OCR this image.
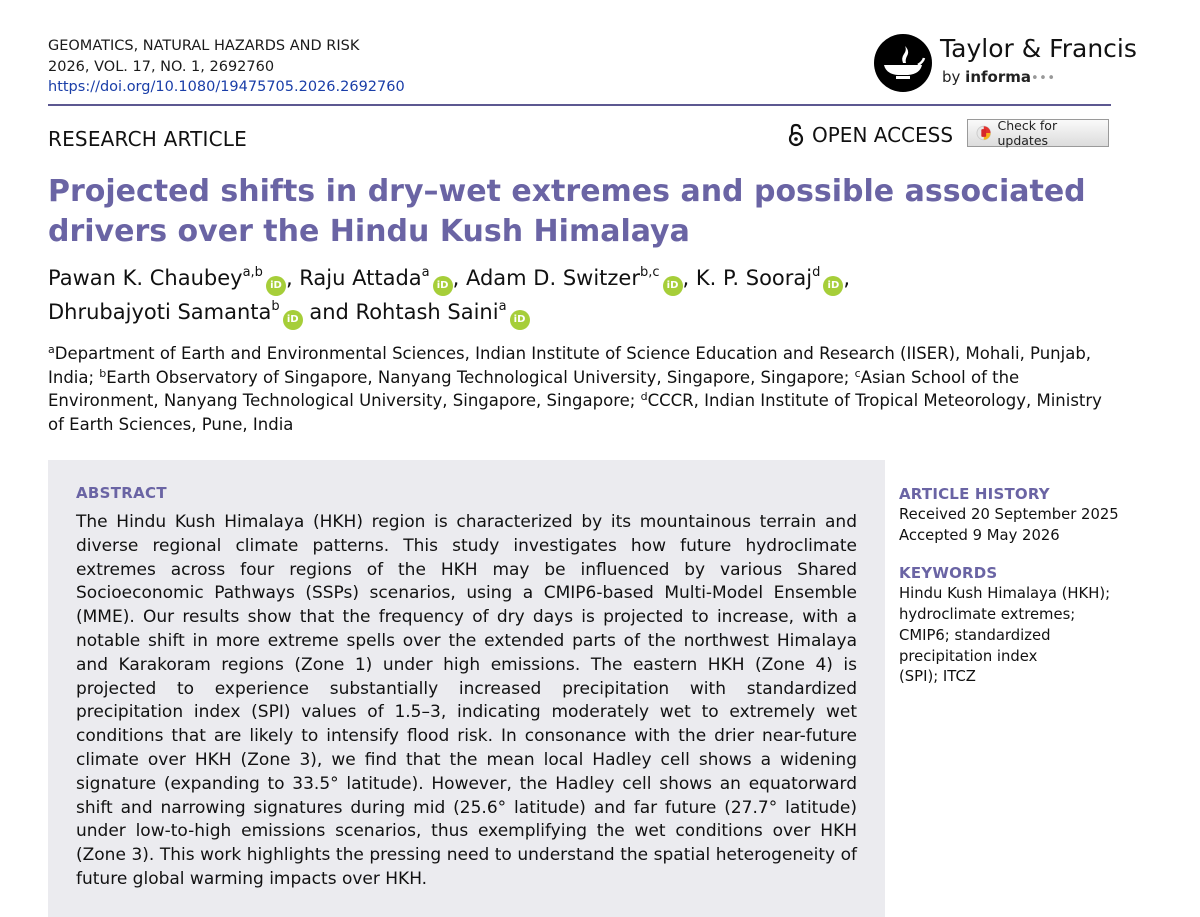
GEOMATICS, NATURAL HAZARDS AND RISK
2026, VOL. 17, NO. 1, 2692760
https://doi.org/10.1080/19475705.2026.2692760
Taylor & Francis
by informa•••
RESEARCH ARTICLE	OPEN ACCESS	Check for updates
Projected shifts in dry–wet extremes and possible associated drivers over the Hindu Kush Himalaya
Pawan K. Chaubey$^{a,b}$iD , Raju Attada$^a$iD , Adam D. Switzer$^{b,c}$iD , K. P. Sooraj$^d$iD ,
Dhrubajyoti Samanta$^b$iD and Rohtash Saini$^a$iD
$^a$Department of Earth and Environmental Sciences, Indian Institute of Science Education and Research (IISER), Mohali, Punjab, India; $^b$Earth Observatory of Singapore, Nanyang Technological University, Singapore, Singapore; $^c$Asian School of the Environment, Nanyang Technological University, Singapore, Singapore; $^d$CCCR, Indian Institute of Tropical Meteorology, Ministry of Earth Sciences, Pune, India
ABSTRACT
The Hindu Kush Himalaya (HKH) region is characterized by its mountainous terrain and diverse regional climate patterns. This study investigates how future hydroclimate extremes across four regions of the HKH may be influenced by various Shared Socioeconomic Pathways (SSPs) scenarios, using a CMIP6-based Multi-Model Ensemble (MME). Our results show that the frequency of dry days is projected to increase, with a notable shift in more extreme spells over the extended parts of the northwest Himalaya and Karakoram regions (Zone 1) under high emissions. The eastern HKH (Zone 4) is projected to experience substantially increased precipitation with standardized precipitation index (SPI) values of 1.5–3, indicating moderately wet to extremely wet conditions that are likely to intensify flood risk. In consonance with the drier near-future climate over HKH (Zone 3), we find that the mean local Hadley cell shows a widening signature (expanding to 33.5° latitude). However, the Hadley cell shows an equatorward shift and narrowing signatures during mid (25.6° latitude) and far future (27.7° latitude) under low-to-high emissions scenarios, thus exemplifying the wet conditions over HKH (Zone 3). This work highlights the pressing need to understand the spatial heterogeneity of future global warming impacts over HKH.
ARTICLE HISTORY
Received 20 September 2025
Accepted 9 May 2026
KEYWORDS
Hindu Kush Himalaya (HKH);
hydroclimate extremes;
CMIP6; standardized
precipitation index
(SPI); ITCZ
